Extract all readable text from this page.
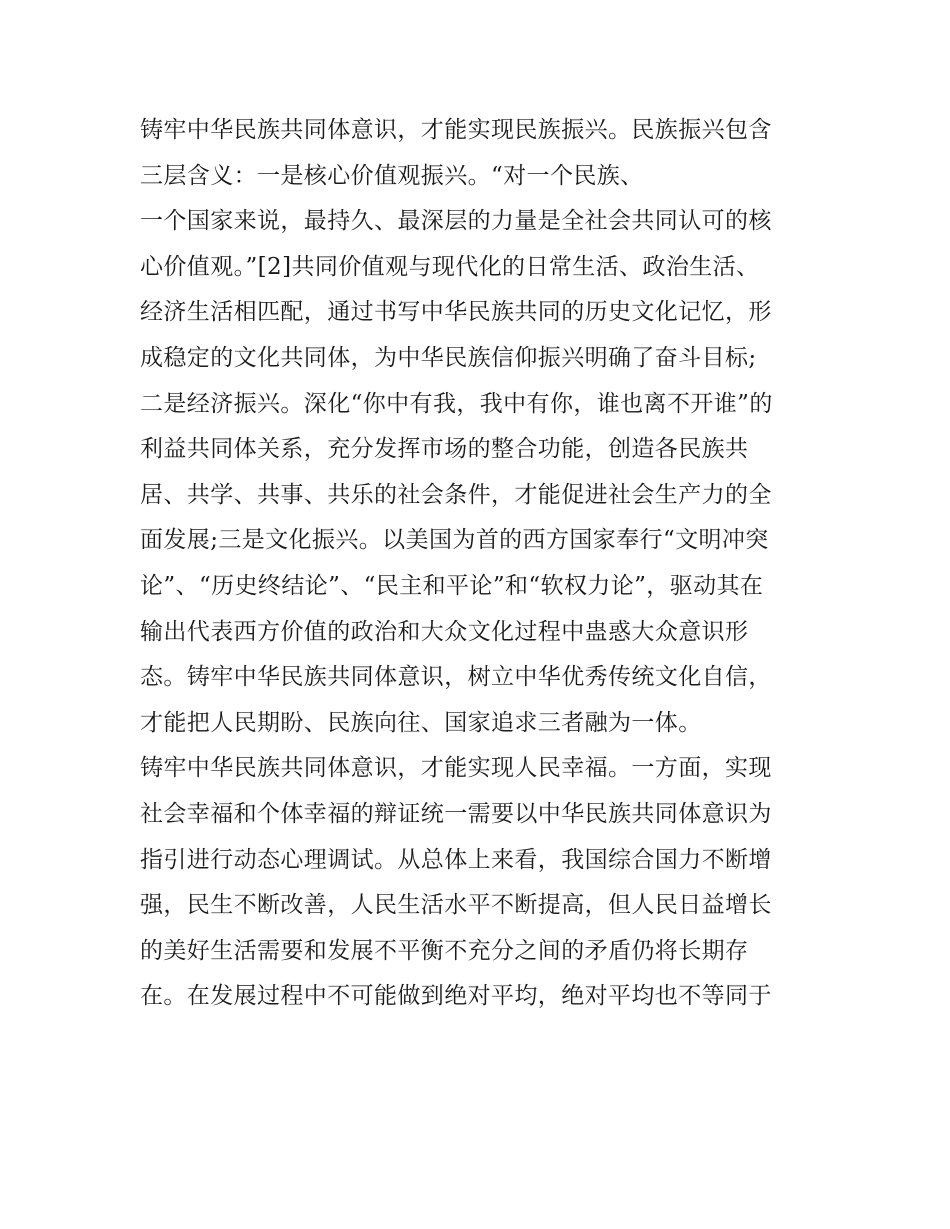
铸牢中华民族共同体意识，才能实现民族振兴。民族振兴包含
三层含义：一是核心价值观振兴。“对一个民族、
一个国家来说，最持久、最深层的力量是全社会共同认可的核
心价值观。”[2]共同价值观与现代化的日常生活、政治生活、
经济生活相匹配，通过书写中华民族共同的历史文化记忆，形
成稳定的文化共同体，为中华民族信仰振兴明确了奋斗目标;
二是经济振兴。深化“你中有我，我中有你，谁也离不开谁”的
利益共同体关系，充分发挥市场的整合功能，创造各民族共
居、共学、共事、共乐的社会条件，才能促进社会生产力的全
面发展;三是文化振兴。以美国为首的西方国家奉行“文明冲突
论”、“历史终结论”、“民主和平论”和“软权力论”，驱动其在
输出代表西方价值的政治和大众文化过程中蛊惑大众意识形
态。铸牢中华民族共同体意识，树立中华优秀传统文化自信，
才能把人民期盼、民族向往、国家追求三者融为一体。
铸牢中华民族共同体意识，才能实现人民幸福。一方面，实现
社会幸福和个体幸福的辩证统一需要以中华民族共同体意识为
指引进行动态心理调试。从总体上来看，我国综合国力不断增
强，民生不断改善，人民生活水平不断提高，但人民日益增长
的美好生活需要和发展不平衡不充分之间的矛盾仍将长期存
在。在发展过程中不可能做到绝对平均，绝对平均也不等同于
